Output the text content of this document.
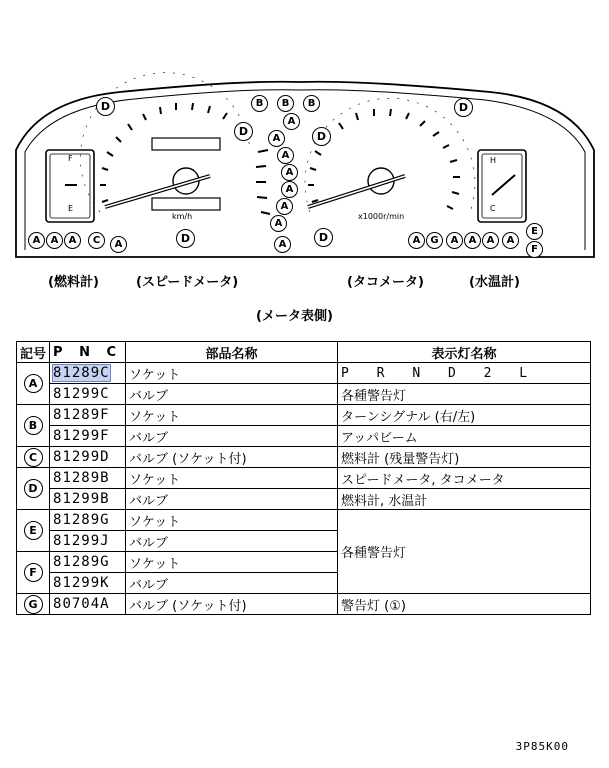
F
E
H
C
km/h	x1000r/min
D
D
D
D
D
D
B	B	B
A
A
A
A
A
A
A
A
A	A	A	C	A	A	G	A	A	A	A
E
F
(燃料計)	(スピードメータ)	(タコメータ)	(水温計)
(メータ表側)
記号	P N C	部品名称	表示灯名称
A	81289C	ソケット	P R N D 2 L
	81299C	バルブ	各種警告灯
B	81289F	ソケット	ターンシグナル (右/左)
	81299F	バルブ	アッパビーム
C	81299D	バルブ (ソケット付)	燃料計 (残量警告灯)
D	81289B	ソケット	スピードメータ, タコメータ
	81299B	バルブ	燃料計, 水温計
E	81289G	ソケット	各種警告灯
	81299J	バルブ	
F	81289G	ソケット	
	81299K	バルブ	
G	80704A	バルブ (ソケット付)	警告灯 (①)
3P85K00
